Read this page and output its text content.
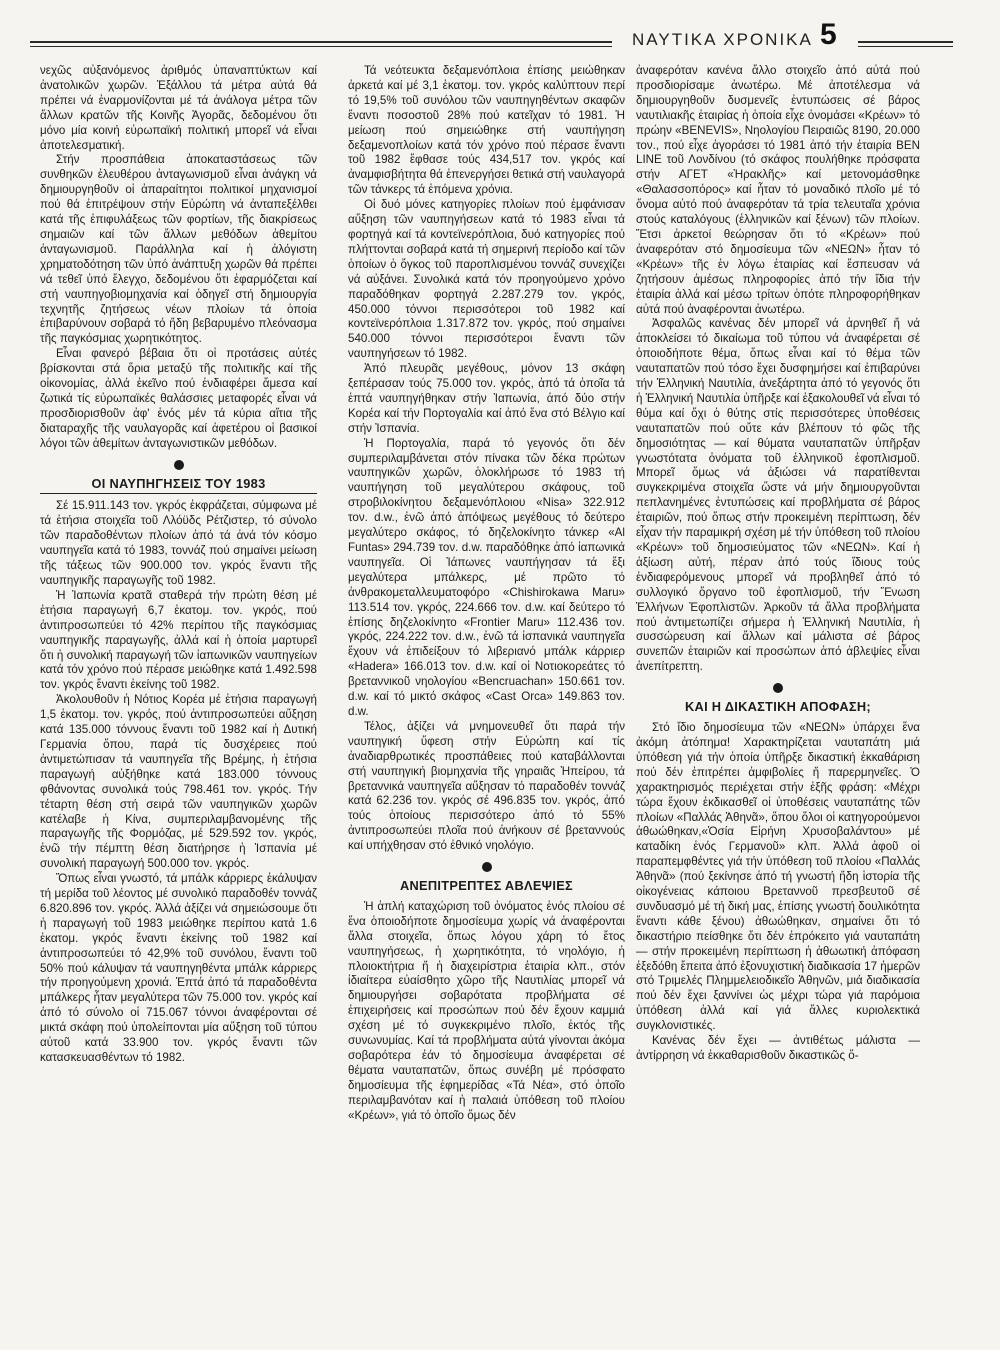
ΝΑΥΤΙΚΑ ΧΡΟΝΙΚΑ 5

νεχῶς αὐξανόμενος ἀριθμός ὑπαναπτύκτων καί ἀνατολικῶν χωρῶν. Ἐξάλλου τά μέτρα αὐτά θά πρέπει νά ἐναρμονίζονται μέ τά ἀνάλογα μέτρα τῶν ἄλλων κρατῶν τῆς Κοινῆς Ἀγορᾶς, δεδομένου ὅτι μόνο μία κοινή εὐρωπαϊκή πολιτική μπορεῖ νά εἶναι ἀποτελεσματική.

Στήν προσπάθεια ἀποκαταστάσεως τῶν συνθηκῶν ἐλευθέρου ἀνταγωνισμοῦ εἶναι ἀνάγκη νά δημιουργηθοῦν οἱ ἀπαραίτητοι πολιτικοί μηχανισμοί πού θά ἐπιτρέψουν στήν Εὐρώπη νά ἀνταπεξέλθει κατά τῆς ἐπιφυλάξεως τῶν φορτίων, τῆς διακρίσεως σημαιῶν καί τῶν ἄλλων μεθόδων ἀθεμίτου ἀνταγωνισμοῦ. Παράλληλα καί ἡ ἀλόγιστη χρηματοδότηση τῶν ὑπό ἀνάπτυξη χωρῶν θά πρέπει νά τεθεῖ ὑπό ἔλεγχο, δεδομένου ὅτι ἐφαρμόζεται καί στή ναυπηγοβιομηχανία καί ὁδηγεῖ στή δημιουργία τεχνητῆς ζητήσεως νέων πλοίων τά ὁποία ἐπιβαρύνουν σοβαρά τό ἤδη βεβαρυμένο πλεόνασμα τῆς παγκόσμιας χωρητικότητος.

Εἶναι φανερό βέβαια ὅτι οἱ προτάσεις αὐτές βρίσκονται στά ὅρια μεταξύ τῆς πολιτικῆς καί τῆς οἰκονομίας, ἀλλά ἐκεῖνο πού ἐνδιαφέρει ἄμεσα καί ζωτικά τίς εὐρωπαϊκές θαλάσσιες μεταφορές εἶναι νά προσδιορισθοῦν ἀφ' ἑνός μέν τά κύρια αἴτια τῆς διαταραχῆς τῆς ναυλαγορᾶς καί ἀφετέρου οἱ βασικοί λόγοι τῶν ἀθεμίτων ἀνταγωνιστικῶν μεθόδων.

ΟΙ ΝΑΥΠΗΓΗΣΕΙΣ ΤΟΥ 1983

Σέ 15.911.143 τον. γκρός ἐκφράζεται, σύμφωνα μέ τά ἐτήσια στοιχεῖα τοῦ Λλόϋδς Ρέτζιστερ, τό σύνολο τῶν παραδοθέντων πλοίων ἀπό τά ἀνά τόν κόσμο ναυπηγεῖα κατά τό 1983, τοννάζ πού σημαίνει μείωση τῆς τάξεως τῶν 900.000 τον. γκρός ἔναντι τῆς ναυπηγικῆς παραγωγῆς τοῦ 1982.

Ἡ Ἰαπωνία κρατᾶ σταθερά τήν πρώτη θέση μέ ἐτήσια παραγωγή 6,7 ἑκατομ. τον. γκρός, πού ἀντιπροσωπεύει τό 42% περίπου τῆς παγκόσμιας ναυπηγικῆς παραγωγῆς, ἀλλά καί ἡ ὁποία μαρτυρεῖ ὅτι ἡ συνολική παραγωγή τῶν ἰαπωνικῶν ναυπηγείων κατά τόν χρόνο πού πέρασε μειώθηκε κατά 1.492.598 τον. γκρός ἔναντι ἐκείνης τοῦ 1982.

Ἀκολουθοῦν ἡ Νότιος Κορέα μέ ἐτήσια παραγωγή 1,5 ἑκατομ. τον. γκρός, πού ἀντιπροσωπεύει αὔξηση κατά 135.000 τόννους ἔναντι τοῦ 1982 καί ἡ Δυτική Γερμανία ὅπου, παρά τίς δυσχέρειες πού ἀντιμετώπισαν τά ναυπηγεῖα τῆς Βρέμης, ἡ ἐτήσια παραγωγή αὐξήθηκε κατά 183.000 τόννους φθάνοντας συνολικά τούς 798.461 τον. γκρός. Τήν τέταρτη θέση στή σειρά τῶν ναυπηγικῶν χωρῶν κατέλαβε ἡ Κίνα, συμπεριλαμβανομένης τῆς παραγωγῆς τῆς Φορμόζας, μέ 529.592 τον. γκρός, ἐνῶ τήν πέμπτη θέση διατήρησε ἡ Ἰσπανία μέ συνολική παραγωγή 500.000 τον. γκρός.

Ὅπως εἶναι γνωστό, τά μπάλκ κάρριερς ἐκάλυψαν τή μερίδα τοῦ λέοντος μέ συνολικό παραδοθέν τοννάζ 6.820.896 τον. γκρός. Ἀλλά ἀξίζει νά σημειώσουμε ὅτι ἡ παραγωγή τοῦ 1983 μειώθηκε περίπου κατά 1.6 ἑκατομ. γκρός ἔναντι ἐκείνης τοῦ 1982 καί ἀντιπροσωπεύει τό 42,9% τοῦ συνόλου, ἔναντι τοῦ 50% πού κάλυψαν τά ναυπηγηθέντα μπάλκ κάρριερς τήν προηγούμενη χρονιά. Ἑπτά ἀπό τά παραδοθέντα μπάλκερς ἦταν μεγαλύτερα τῶν 75.000 τον. γκρός καί ἀπό τό σύνολο οἱ 715.067 τόννοι ἀναφέρονται σέ μικτά σκάφη πού ὑπολείπονται μία αὔξηση τοῦ τύπου αὐτοῦ κατά 33.900 τον. γκρός ἔναντι τῶν κατασκευασθέντων τό 1982.

Τά νεότευκτα δεξαμενόπλοια ἐπίσης μειώθηκαν ἀρκετά καί μέ 3,1 ἑκατομ. τον. γκρός καλύπτουν περί τό 19,5% τοῦ συνόλου τῶν ναυπηγηθέντων σκαφῶν ἔναντι ποσοστοῦ 28% πού κατεῖχαν τό 1981. Ἡ μείωση πού σημειώθηκε στή ναυπήγηση δεξαμενοπλοίων κατά τόν χρόνο πού πέρασε ἔναντι τοῦ 1982 ἔφθασε τούς 434,517 τον. γκρός καί ἀναμφισβήτητα θά ἐπενεργήσει θετικά στή ναυλαγορά τῶν τάνκερς τά ἑπόμενα χρόνια.

Οἱ δυό μόνες κατηγορίες πλοίων πού ἐμφάνισαν αὔξηση τῶν ναυπηγήσεων κατά τό 1983 εἶναι τά φορτηγά καί τά κοντεϊνερόπλοια, δυό κατηγορίες πού πλήττονται σοβαρά κατά τή σημερινή περίοδο καί τῶν ὁποίων ὁ ὄγκος τοῦ παροπλισμένου τοννάζ συνεχίζει νά αὐξάνει. Συνολικά κατά τόν προηγούμενο χρόνο παραδόθηκαν φορτηγά 2.287.279 τον. γκρός, 450.000 τόννοι περισσότεροι τοῦ 1982 καί κοντεϊνερόπλοια 1.317.872 τον. γκρός, πού σημαίνει 540.000 τόννοι περισσότεροι ἔναντι τῶν ναυπηγήσεων τό 1982.

Ἀπό πλευρᾶς μεγέθους, μόνον 13 σκάφη ξεπέρασαν τούς 75.000 τον. γκρός, ἀπό τά ὁποῖα τά ἑπτά ναυπηγήθηκαν στήν Ἰαπωνία, ἀπό δύο στήν Κορέα καί τήν Πορτογαλία καί ἀπό ἕνα στό Βέλγιο καί στήν Ἰσπανία.

Ἡ Πορτογαλία, παρά τό γεγονός ὅτι δέν συμπεριλαμβάνεται στόν πίνακα τῶν δέκα πρώτων ναυπηγικῶν χωρῶν, ὁλοκλήρωσε τό 1983 τή ναυπήγηση τοῦ μεγαλύτερου σκάφους, τοῦ στροβιλοκίνητου δεξαμενόπλοιου «Nisa» 322.912 τον. d.w., ἐνῶ ἀπό ἀπόψεως μεγέθους τό δεύτερο μεγαλύτερο σκάφος, τό δηζελοκίνητο τάνκερ «Al Funtas» 294.739 τον. d.w. παραδόθηκε ἀπό ἰαπωνικά ναυπηγεῖα. Οἱ Ἰάπωνες ναυπήγησαν τά ἔξι μεγαλύτερα μπάλκερς, μέ πρῶτο τό ἀνθρακομεταλλευματοφόρο «Chishirokawa Maru» 113.514 τον. γκρός, 224.666 τον. d.w. καί δεύτερο τό ἐπίσης δηζελοκίνητο «Frontier Maru» 112.436 τον. γκρός, 224.222 τον. d.w., ἐνῶ τά ἰσπανικά ναυπηγεῖα ἔχουν νά ἐπιδείξουν τό λιβεριανό μπάλκ κάρριερ «Hadera» 166.013 τον. d.w. καί οἱ Νοτιοκορεάτες τό βρεταννικοῦ νηολογίου «Bencruachan» 150.661 τον. d.w. καί τό μικτό σκάφος «Cast Orca» 149.863 τον. d.w.

Τέλος, ἀξίζει νά μνημονευθεῖ ὅτι παρά τήν ναυπηγική ὕφεση στήν Εὐρώπη καί τίς ἀναδιαρθρωτικές προσπάθειες πού καταβάλλονται στή ναυπηγική βιομηχανία τῆς γηραιᾶς Ἠπείρου, τά βρεταννικά ναυπηγεῖα αὔξησαν τό παραδοθέν τοννάζ κατά 62.236 τον. γκρός σέ 496.835 τον. γκρός, ἀπό τούς ὁποίους περισσότερο ἀπό τό 55% ἀντιπροσωπεύει πλοῖα πού ἀνήκουν σέ βρεταννούς καί υπήχθησαν στό ἐθνικό νηολόγιο.

ΑΝΕΠΙΤΡΕΠΤΕΣ ΑΒΛΕΨΙΕΣ

Ἡ ἁπλή καταχώριση τοῦ ὀνόματος ἑνός πλοίου σέ ἕνα ὁποιοδήποτε δημοσίευμα χωρίς νά ἀναφέρονται ἄλλα στοιχεῖα, ὅπως λόγου χάρη τό ἔτος ναυπηγήσεως, ἡ χωρητικότητα, τό νηολόγιο, ἡ πλοιοκτήτρια ἤ ἡ διαχειρίστρια ἑταιρία κλπ., στόν ἰδιαίτερα εὐαίσθητο χῶρο τῆς Ναυτιλίας μπορεῖ νά δημιουργήσει σοβαρότατα προβλήματα σέ ἐπιχειρήσεις καί προσώπων πού δέν ἔχουν καμμιά σχέση μέ τό συγκεκριμένο πλοῖο, ἐκτός τῆς συνωνυμίας. Καί τά προβλήματα αὐτά γίνονται ἀκόμα σοβαρότερα ἐάν τό δημοσίευμα ἀναφέρεται σέ θέματα ναυταπατῶν, ὅπως συνέβη μέ πρόσφατο δημοσίευμα τῆς ἐφημερίδας «Τά Νέα», στό ὁποῖο περιλαμβανόταν καί ἡ παλαιά ὑπόθεση τοῦ πλοίου «Κρέων», γιά τό ὁποῖο ὅμως δέν

ἀναφερόταν κανένα ἄλλο στοιχεῖο ἀπό αὐτά πού προσδιορίσαμε ἀνωτέρω. Μέ ἀποτέλεσμα νά δημιουργηθοῦν δυσμενεῖς ἐντυπώσεις σέ βάρος ναυτιλιακῆς ἑταιρίας ἡ ὁποία εἶχε ὀνομάσει «Κρέων» τό πρώην «BENEVIS», Νηολογίου Πειραιῶς 8190, 20.000 τον., πού εἶχε ἀγοράσει τό 1981 ἀπό τήν ἑταιρία BEN LINE τοῦ Λονδίνου (τό σκάφος πουλήθηκε πρόσφατα στήν ΑΓΕΤ «Ἡρακλῆς» καί μετονομάσθηκε «Θαλασσοπόρος» καί ἦταν τό μοναδικό πλοῖο μέ τό ὄνομα αὐτό πού ἀναφερόταν τά τρία τελευταῖα χρόνια στούς καταλόγους (ἑλληνικῶν καί ξένων) τῶν πλοίων. Ἔτσι ἀρκετοί θεώρησαν ὅτι τό «Κρέων» πού ἀναφερόταν στό δημοσίευμα τῶν «ΝΕΩΝ» ἦταν τό «Κρέων» τῆς ἐν λόγω ἑταιρίας καί ἔσπευσαν νά ζητήσουν ἀμέσως πληροφορίες ἀπό τήν ἴδια τήν ἑταιρία ἀλλά καί μέσω τρίτων ὁπότε πληροφορήθηκαν αὐτά πού ἀναφέρονται ἀνωτέρω.

Ἀσφαλῶς κανένας δέν μπορεῖ νά ἀρνηθεῖ ἤ νά ἀποκλείσει τό δικαίωμα τοῦ τύπου νά ἀναφέρεται σέ ὁποιοδήποτε θέμα, ὅπως εἶναι καί τό θέμα τῶν ναυταπατῶν πού τόσο ἔχει δυσφημήσει καί ἐπιβαρύνει τήν Ἑλληνική Ναυτιλία, ἀνεξάρτητα ἀπό τό γεγονός ὅτι ἡ Ἑλληνική Ναυτιλία ὑπῆρξε καί ἐξακολουθεῖ νά εἶναι τό θύμα καί ὄχι ὁ θύτης στίς περισσότερες ὑποθέσεις ναυταπατῶν πού οὔτε κάν βλέπουν τό φῶς τῆς δημοσιότητας — καί θύματα ναυταπατῶν ὑπῆρξαν γνωστότατα ὀνόματα τοῦ ἑλληνικοῦ ἐφοπλισμοῦ. Μπορεῖ ὅμως νά ἀξιώσει νά παρατίθενται συγκεκριμένα στοιχεῖα ὥστε νά μήν δημιουργοῦνται πεπλανημένες ἐντυπώσεις καί προβλήματα σέ βάρος ἑταιριῶν, πού ὅπως στήν προκειμένη περίπτωση, δέν εἶχαν τήν παραμικρή σχέση μέ τήν ὑπόθεση τοῦ πλοίου «Κρέων» τοῦ δημοσιεύματος τῶν «ΝΕΩΝ». Καί ἡ ἀξίωση αὐτή, πέραν ἀπό τούς ἴδιους τούς ἐνδιαφερόμενους μπορεῖ νά προβληθεῖ ἀπό τό συλλογικό ὄργανο τοῦ ἐφοπλισμοῦ, τήν Ἕνωση Ἑλλήνων Ἐφοπλιστῶν. Ἀρκοῦν τά ἄλλα προβλήματα πού ἀντιμετωπίζει σήμερα ἡ Ἑλληνική Ναυτιλία, ἡ συσσώρευση καί ἄλλων καί μάλιστα σέ βάρος συνεπῶν ἑταιριῶν καί προσώπων ἀπό ἀβλεψίες εἶναι ἀνεπίτρεπτη.

ΚΑΙ Η ΔΙΚΑΣΤΙΚΗ ΑΠΟΦΑΣΗ;

Στό ἴδιο δημοσίευμα τῶν «ΝΕΩΝ» ὑπάρχει ἕνα ἀκόμη ἀτόπημα! Χαρακτηρίζεται ναυταπάτη μιά ὑπόθεση γιά τήν ὁποία ὑπῆρξε δικαστική ἐκκαθάριση πού δέν ἐπιτρέπει ἀμφιβολίες ἤ παρερμηνεῖες. Ὁ χαρακτηρισμός περιέχεται στήν ἑξῆς φράση: «Μέχρι τώρα ἔχουν ἐκδικασθεῖ οἱ ὑποθέσεις ναυταπάτης τῶν πλοίων «Παλλάς Ἀθηνᾶ», ὅπου ὅλοι οἱ κατηγορούμενοι ἀθωώθηκαν,«Ὁσία Εἰρήνη Χρυσοβαλάντου» μέ καταδίκη ἑνός Γερμανοῦ» κλπ. Ἀλλά ἀφοῦ οἱ παραπεμφθέντες γιά τήν ὑπόθεση τοῦ πλοίου «Παλλάς Ἀθηνᾶ» (πού ξεκίνησε ἀπό τή γνωστή ἤδη ἱστορία τῆς οἰκογένειας κάποιου Βρεταννοῦ πρεσβευτοῦ σέ συνδυασμό μέ τή δική μας, ἐπίσης γνωστή δουλικότητα ἔναντι κάθε ξένου) ἀθωώθηκαν, σημαίνει ὅτι τό δικαστήριο πείσθηκε ὅτι δέν ἐπρόκειτο γιά ναυταπάτη — στήν προκειμένη περίπτωση ἡ ἀθωωτική ἀπόφαση ἐξεδόθη ἔπειτα ἀπό ἐξονυχιστική διαδικασία 17 ἡμερῶν στό Τριμελές Πλημμελειοδικεῖο Ἀθηνῶν, μιά διαδικασία πού δέν ἔχει ξαννίνει ὡς μέχρι τώρα γιά παρόμοια ὑπόθεση ἀλλά καί γιά ἄλλες κυριολεκτικά συγκλονιστικές.

Κανένας δέν ἔχει — ἀντιθέτως μάλιστα — ἀντίρρηση νά ἐκκαθαρισθοῦν δικαστικῶς ὅ-
